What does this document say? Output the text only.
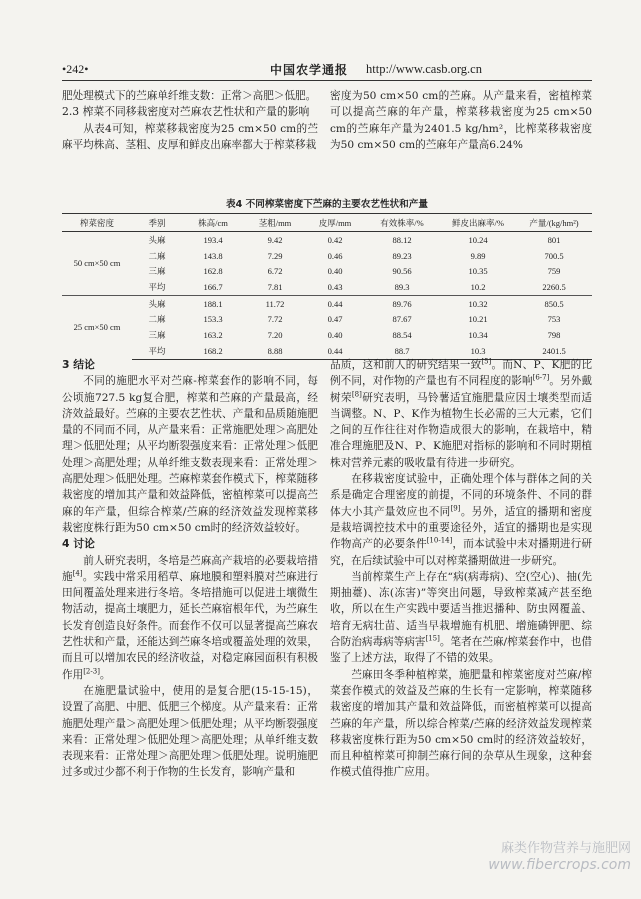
•242•	中国农学通报 http://www.casb.org.cn

肥处理模式下的苎麻单纤维支数：正常＞高肥＞低肥。

2.3 榨菜不同移栽密度对苎麻农艺性状和产量的影响

从表4可知，榨菜移栽密度为25 cm×50 cm的苎麻平均株高、茎粗、皮厚和鲜皮出麻率都大于榨菜移栽

密度为50 cm×50 cm的苎麻。从产量来看，密植榨菜可以提高苎麻的年产量，榨菜移栽密度为25 cm×50 cm的苎麻年产量为2401.5 kg/hm²，比榨菜移栽密度为50 cm×50 cm的苎麻年产量高6.24%

表4 不同榨菜密度下苎麻的主要农艺性状和产量
榨菜密度	季别	株高/cm	茎粗/mm	皮厚/mm	有效株率/%	鲜皮出麻率/%	产量/(kg/hm²)
50 cm×50 cm	头麻	193.4	9.42	0.42	88.12	10.24	801
	二麻	143.8	7.29	0.46	89.23	9.89	700.5
	三麻	162.8	6.72	0.40	90.56	10.35	759
	平均	166.7	7.81	0.43	89.3	10.2	2260.5
25 cm×50 cm	头麻	188.1	11.72	0.44	89.76	10.32	850.5
	二麻	153.3	7.72	0.47	87.67	10.21	753
	三麻	163.2	7.20	0.40	88.54	10.34	798
	平均	168.2	8.88	0.44	88.7	10.3	2401.5

3 结论

不同的施肥水平对苎麻-榨菜套作的影响不同，每公顷施727.5 kg复合肥，榨菜和苎麻的产量最高，经济效益最好。苎麻的主要农艺性状、产量和品质随施肥量的不同而不同，从产量来看：正常施肥处理＞高肥处理＞低肥处理；从平均断裂强度来看：正常处理＞低肥处理＞高肥处理；从单纤维支数表现来看：正常处理＞高肥处理＞低肥处理。苎麻榨菜套作模式下，榨菜随移栽密度的增加其产量和效益降低，密植榨菜可以提高苎麻的年产量，但综合榨菜/苎麻的经济效益发现榨菜移栽密度株行距为50 cm×50 cm时的经济效益较好。

4 讨论

前人研究表明，冬培是苎麻高产栽培的必要栽培措施[4]。实践中常采用稻草、麻地膜和塑料膜对苎麻进行田间覆盖处理来进行冬培。冬培措施可以促进土壤微生物活动，提高土壤肥力，延长苎麻宿根年代，为苎麻生长发育创造良好条件。而套作不仅可以显著提高苎麻农艺性状和产量，还能达到苎麻冬培或覆盖处理的效果，而且可以增加农民的经济收益，对稳定麻园面积有积极作用[2-3]。

在施肥量试验中，使用的是复合肥(15-15-15)，设置了高肥、中肥、低肥三个梯度。从产量来看：正常施肥处理产量＞高肥处理＞低肥处理；从平均断裂强度来看：正常处理＞低肥处理＞高肥处理；从单纤维支数表现来看：正常处理＞高肥处理＞低肥处理。说明施肥过多或过少都不利于作物的生长发育，影响产量和

品质，这和前人的研究结果一致[5]。而N、P、K肥的比例不同，对作物的产量也有不同程度的影响[6-7]。另外戴树荣[8]研究表明，马铃薯适宜施肥量应因土壤类型而适当调整。N、P、K作为植物生长必需的三大元素，它们之间的互作往往对作物造成很大的影响，在栽培中，精准合理施肥及N、P、K施肥对指标的影响和不同时期植株对营养元素的吸收量有待进一步研究。

在移栽密度试验中，正确处理个体与群体之间的关系是确定合理密度的前提，不同的环境条件、不同的群体大小其产量效应也不同[9]。另外，适宜的播期和密度是栽培调控技术中的重要途径外，适宜的播期也是实现作物高产的必要条件[10-14]，而本试验中未对播期进行研究，在后续试验中可以对榨菜播期做进一步研究。

当前榨菜生产上存在“病(病毒病)、空(空心)、抽(先期抽薹)、冻(冻害)”等突出问题，导致榨菜减产甚至绝收，所以在生产实践中要适当推迟播种、防虫网覆盖、培育无病壮苗、适当早栽增施有机肥、增施磷钾肥、综合防治病毒病等病害[15]。笔者在苎麻/榨菜套作中，也借鉴了上述方法，取得了不错的效果。

苎麻田冬季种植榨菜，施肥量和榨菜密度对苎麻/榨菜套作模式的效益及苎麻的生长有一定影响，榨菜随移栽密度的增加其产量和效益降低，而密植榨菜可以提高苎麻的年产量，所以综合榨菜/苎麻的经济效益发现榨菜移栽密度株行距为50 cm×50 cm时的经济效益较好，而且种植榨菜可抑制苎麻行间的杂草从生现象，这种套作模式值得推广应用。

麻类作物营养与施肥网
www.fibercrops.com
